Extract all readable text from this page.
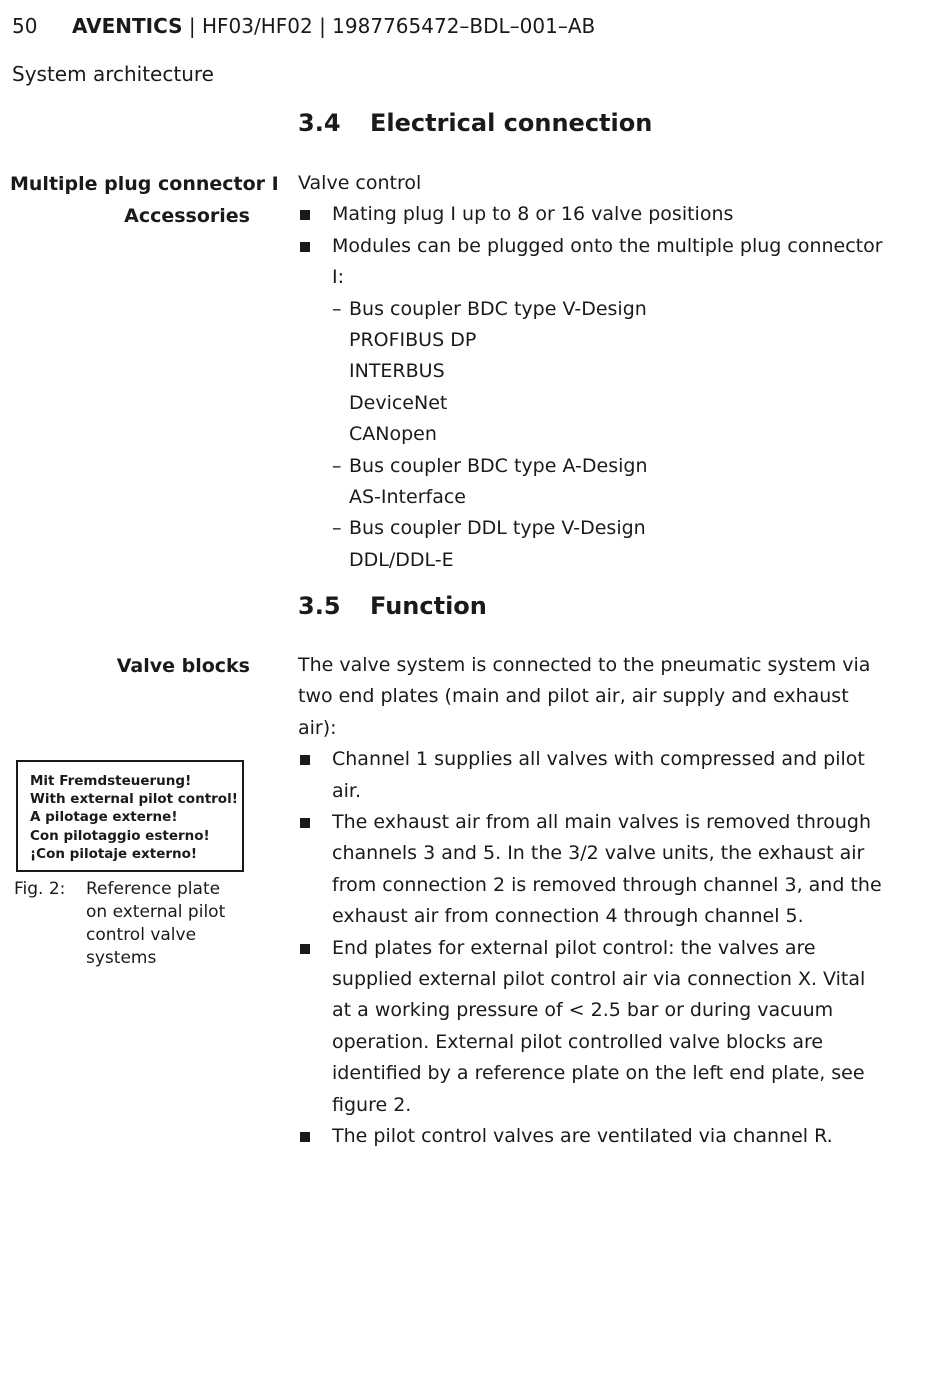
50 AVENTICS | HF03/HF02 | 1987765472–BDL–001–AB
System architecture
3.4 Electrical connection
Multiple plug connector I
Accessories

Valve control

Mating plug I up to 8 or 16 valve positions
Modules can be plugged onto the multiple plug connector I:
– Bus coupler BDC type V-Design
PROFIBUS DP
INTERBUS
DeviceNet
CANopen
– Bus coupler BDC type A-Design
AS-Interface
– Bus coupler DDL type V-Design
DDL/DDL-E
3.5 Function
Valve blocks	The valve system is connected to the pneumatic system via two end plates (main and pilot air, air supply and exhaust air):

Channel 1 supplies all valves with compressed and pilot air.
The exhaust air from all main valves is removed through channels 3 and 5. In the 3/2 valve units, the exhaust air from connection 2 is removed through channel 3, and the exhaust air from connection 4 through channel 5.
End plates for external pilot control: the valves are supplied external pilot control air via connection X. Vital at a working pressure of < 2.5 bar or during vacuum operation. External pilot controlled valve blocks are identified by a reference plate on the left end plate, see figure 2.
The pilot control valves are ventilated via channel R.
Mit Fremdsteuerung!
With external pilot control!
A pilotage externe!
Con pilotaggio esterno!
¡Con pilotaje externo!
Fig. 2: Reference plate on external pilot control valve systems
